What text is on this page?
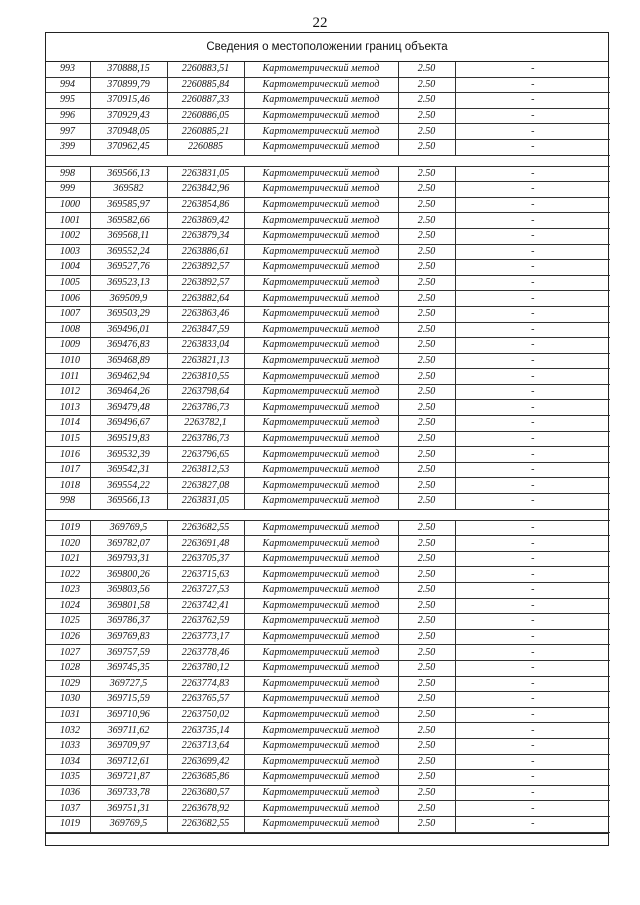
22
Сведения о местоположении границ объекта
993	370888,15	2260883,51	Картометрический метод	2.50	-
994	370899,79	2260885,84	Картометрический метод	2.50	-
995	370915,46	2260887,33	Картометрический метод	2.50	-
996	370929,43	2260886,05	Картометрический метод	2.50	-
997	370948,05	2260885,21	Картометрический метод	2.50	-
399	370962,45	2260885	Картометрический метод	2.50	-

998	369566,13	2263831,05	Картометрический метод	2.50	-
999	369582	2263842,96	Картометрический метод	2.50	-
1000	369585,97	2263854,86	Картометрический метод	2.50	-
1001	369582,66	2263869,42	Картометрический метод	2.50	-
1002	369568,11	2263879,34	Картометрический метод	2.50	-
1003	369552,24	2263886,61	Картометрический метод	2.50	-
1004	369527,76	2263892,57	Картометрический метод	2.50	-
1005	369523,13	2263892,57	Картометрический метод	2.50	-
1006	369509,9	2263882,64	Картометрический метод	2.50	-
1007	369503,29	2263863,46	Картометрический метод	2.50	-
1008	369496,01	2263847,59	Картометрический метод	2.50	-
1009	369476,83	2263833,04	Картометрический метод	2.50	-
1010	369468,89	2263821,13	Картометрический метод	2.50	-
1011	369462,94	2263810,55	Картометрический метод	2.50	-
1012	369464,26	2263798,64	Картометрический метод	2.50	-
1013	369479,48	2263786,73	Картометрический метод	2.50	-
1014	369496,67	2263782,1	Картометрический метод	2.50	-
1015	369519,83	2263786,73	Картометрический метод	2.50	-
1016	369532,39	2263796,65	Картометрический метод	2.50	-
1017	369542,31	2263812,53	Картометрический метод	2.50	-
1018	369554,22	2263827,08	Картометрический метод	2.50	-
998	369566,13	2263831,05	Картометрический метод	2.50	-

1019	369769,5	2263682,55	Картометрический метод	2.50	-
1020	369782,07	2263691,48	Картометрический метод	2.50	-
1021	369793,31	2263705,37	Картометрический метод	2.50	-
1022	369800,26	2263715,63	Картометрический метод	2.50	-
1023	369803,56	2263727,53	Картометрический метод	2.50	-
1024	369801,58	2263742,41	Картометрический метод	2.50	-
1025	369786,37	2263762,59	Картометрический метод	2.50	-
1026	369769,83	2263773,17	Картометрический метод	2.50	-
1027	369757,59	2263778,46	Картометрический метод	2.50	-
1028	369745,35	2263780,12	Картометрический метод	2.50	-
1029	369727,5	2263774,83	Картометрический метод	2.50	-
1030	369715,59	2263765,57	Картометрический метод	2.50	-
1031	369710,96	2263750,02	Картометрический метод	2.50	-
1032	369711,62	2263735,14	Картометрический метод	2.50	-
1033	369709,97	2263713,64	Картометрический метод	2.50	-
1034	369712,61	2263699,42	Картометрический метод	2.50	-
1035	369721,87	2263685,86	Картометрический метод	2.50	-
1036	369733,78	2263680,57	Картометрический метод	2.50	-
1037	369751,31	2263678,92	Картометрический метод	2.50	-
1019	369769,5	2263682,55	Картометрический метод	2.50	-
